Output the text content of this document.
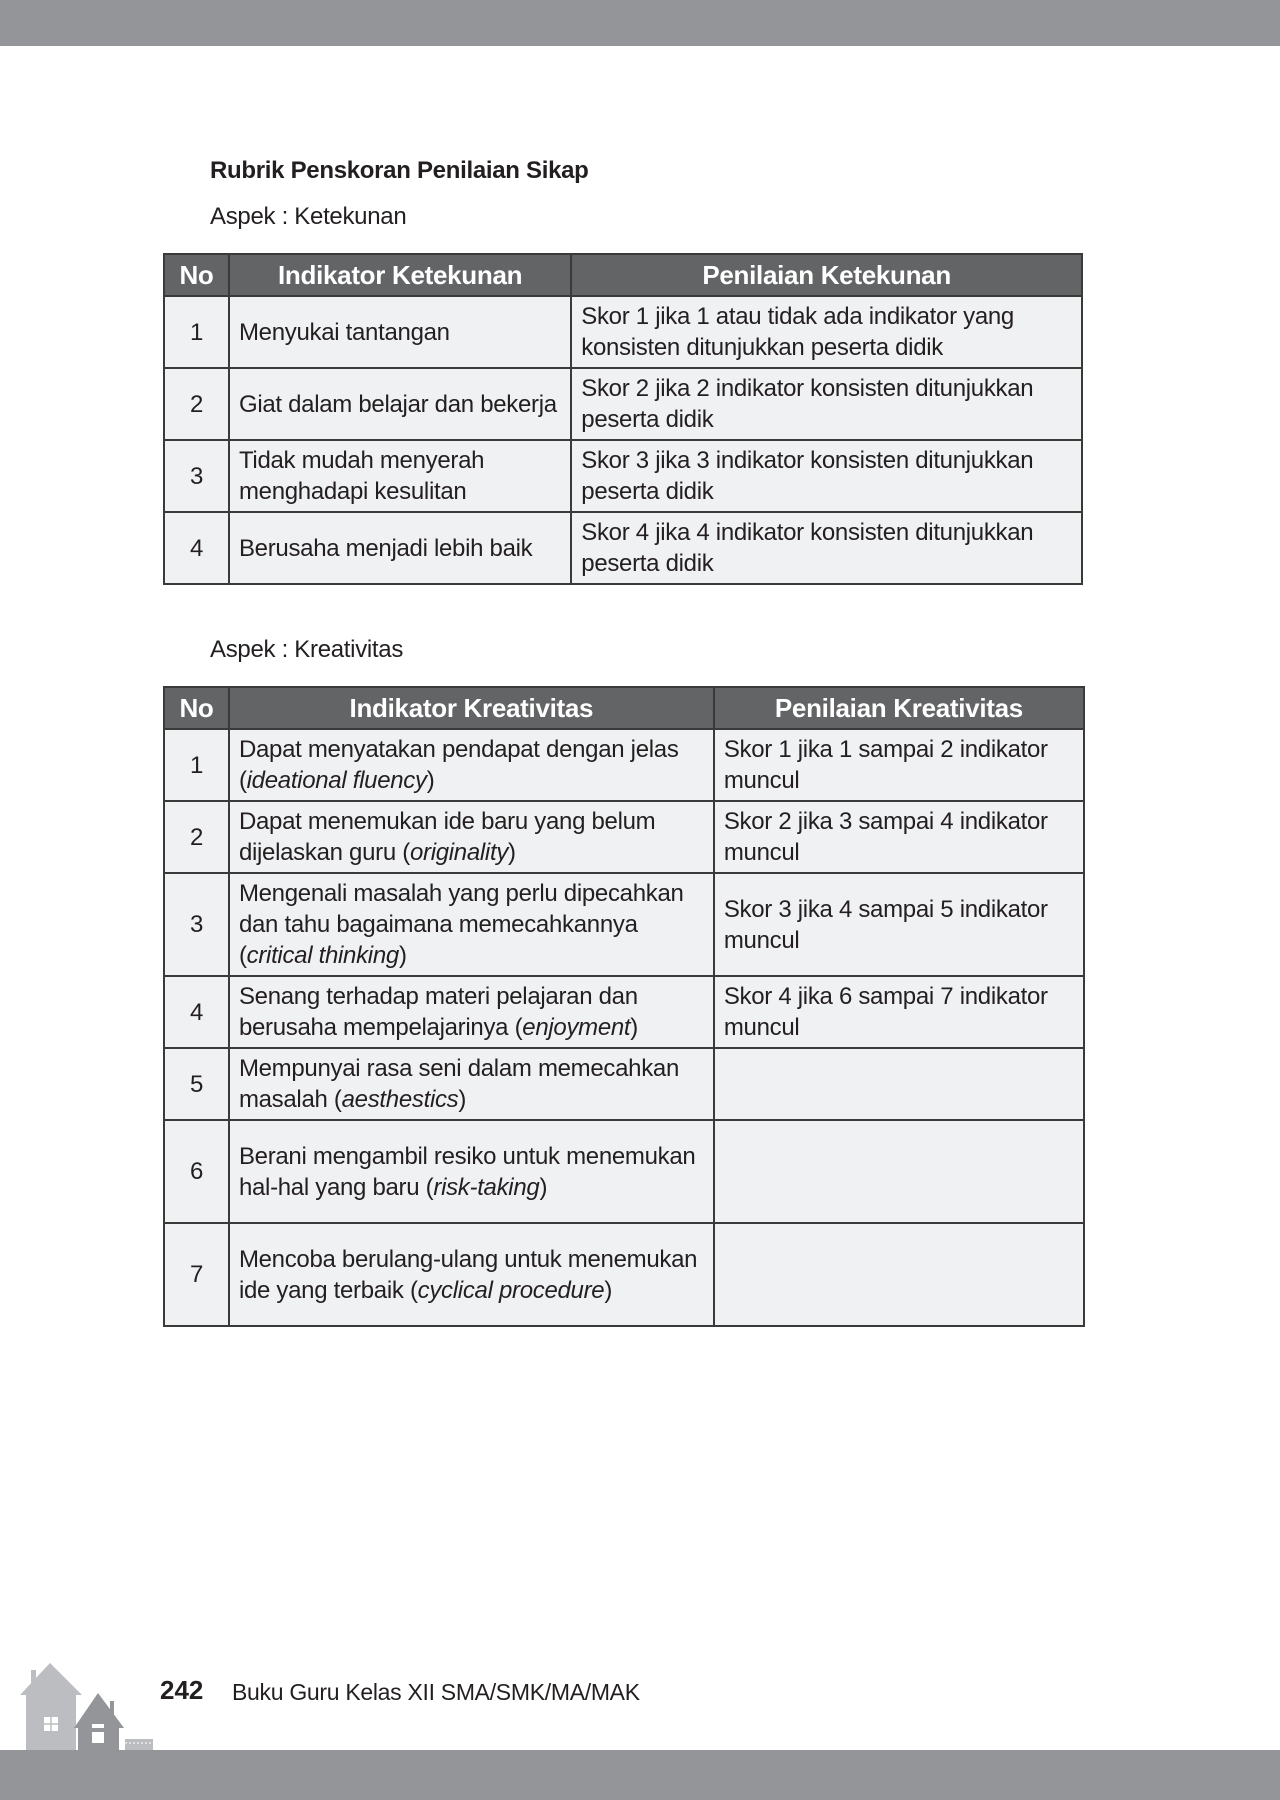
Rubrik Penskoran Penilaian Sikap
Aspek : Ketekunan
No	Indikator Ketekunan	Penilaian Ketekunan
1	Menyukai tantangan	Skor 1 jika 1 atau tidak ada indikator yang konsisten ditunjukkan peserta didik
2	Giat dalam belajar dan bekerja	Skor 2 jika 2 indikator konsisten ditunjukkan peserta didik
3	Tidak mudah menyerah menghadapi kesulitan	Skor 3 jika 3 indikator konsisten ditunjukkan peserta didik
4	Berusaha menjadi lebih baik	Skor 4 jika 4 indikator konsisten ditunjukkan peserta didik
Aspek : Kreativitas
No	Indikator Kreativitas	Penilaian Kreativitas
1	Dapat menyatakan pendapat dengan jelas (ideational fluency)	Skor 1 jika 1 sampai 2 indikator muncul
2	Dapat menemukan ide baru yang belum dijelaskan guru (originality)	Skor 2 jika 3 sampai 4 indikator muncul
3	Mengenali masalah yang perlu dipecahkan dan tahu bagaimana memecahkannya (critical thinking)	Skor 3 jika 4 sampai 5 indikator muncul
4	Senang terhadap materi pelajaran dan berusaha mempelajarinya (enjoyment)	Skor 4 jika 6 sampai 7 indikator muncul
5	Mempunyai rasa seni dalam memecahkan masalah (aesthestics)	
6	Berani mengambil resiko untuk menemukan hal-hal yang baru (risk-taking)	
7	Mencoba berulang-ulang untuk menemukan ide yang terbaik (cyclical procedure)	
242 Buku Guru Kelas XII SMA/SMK/MA/MAK
